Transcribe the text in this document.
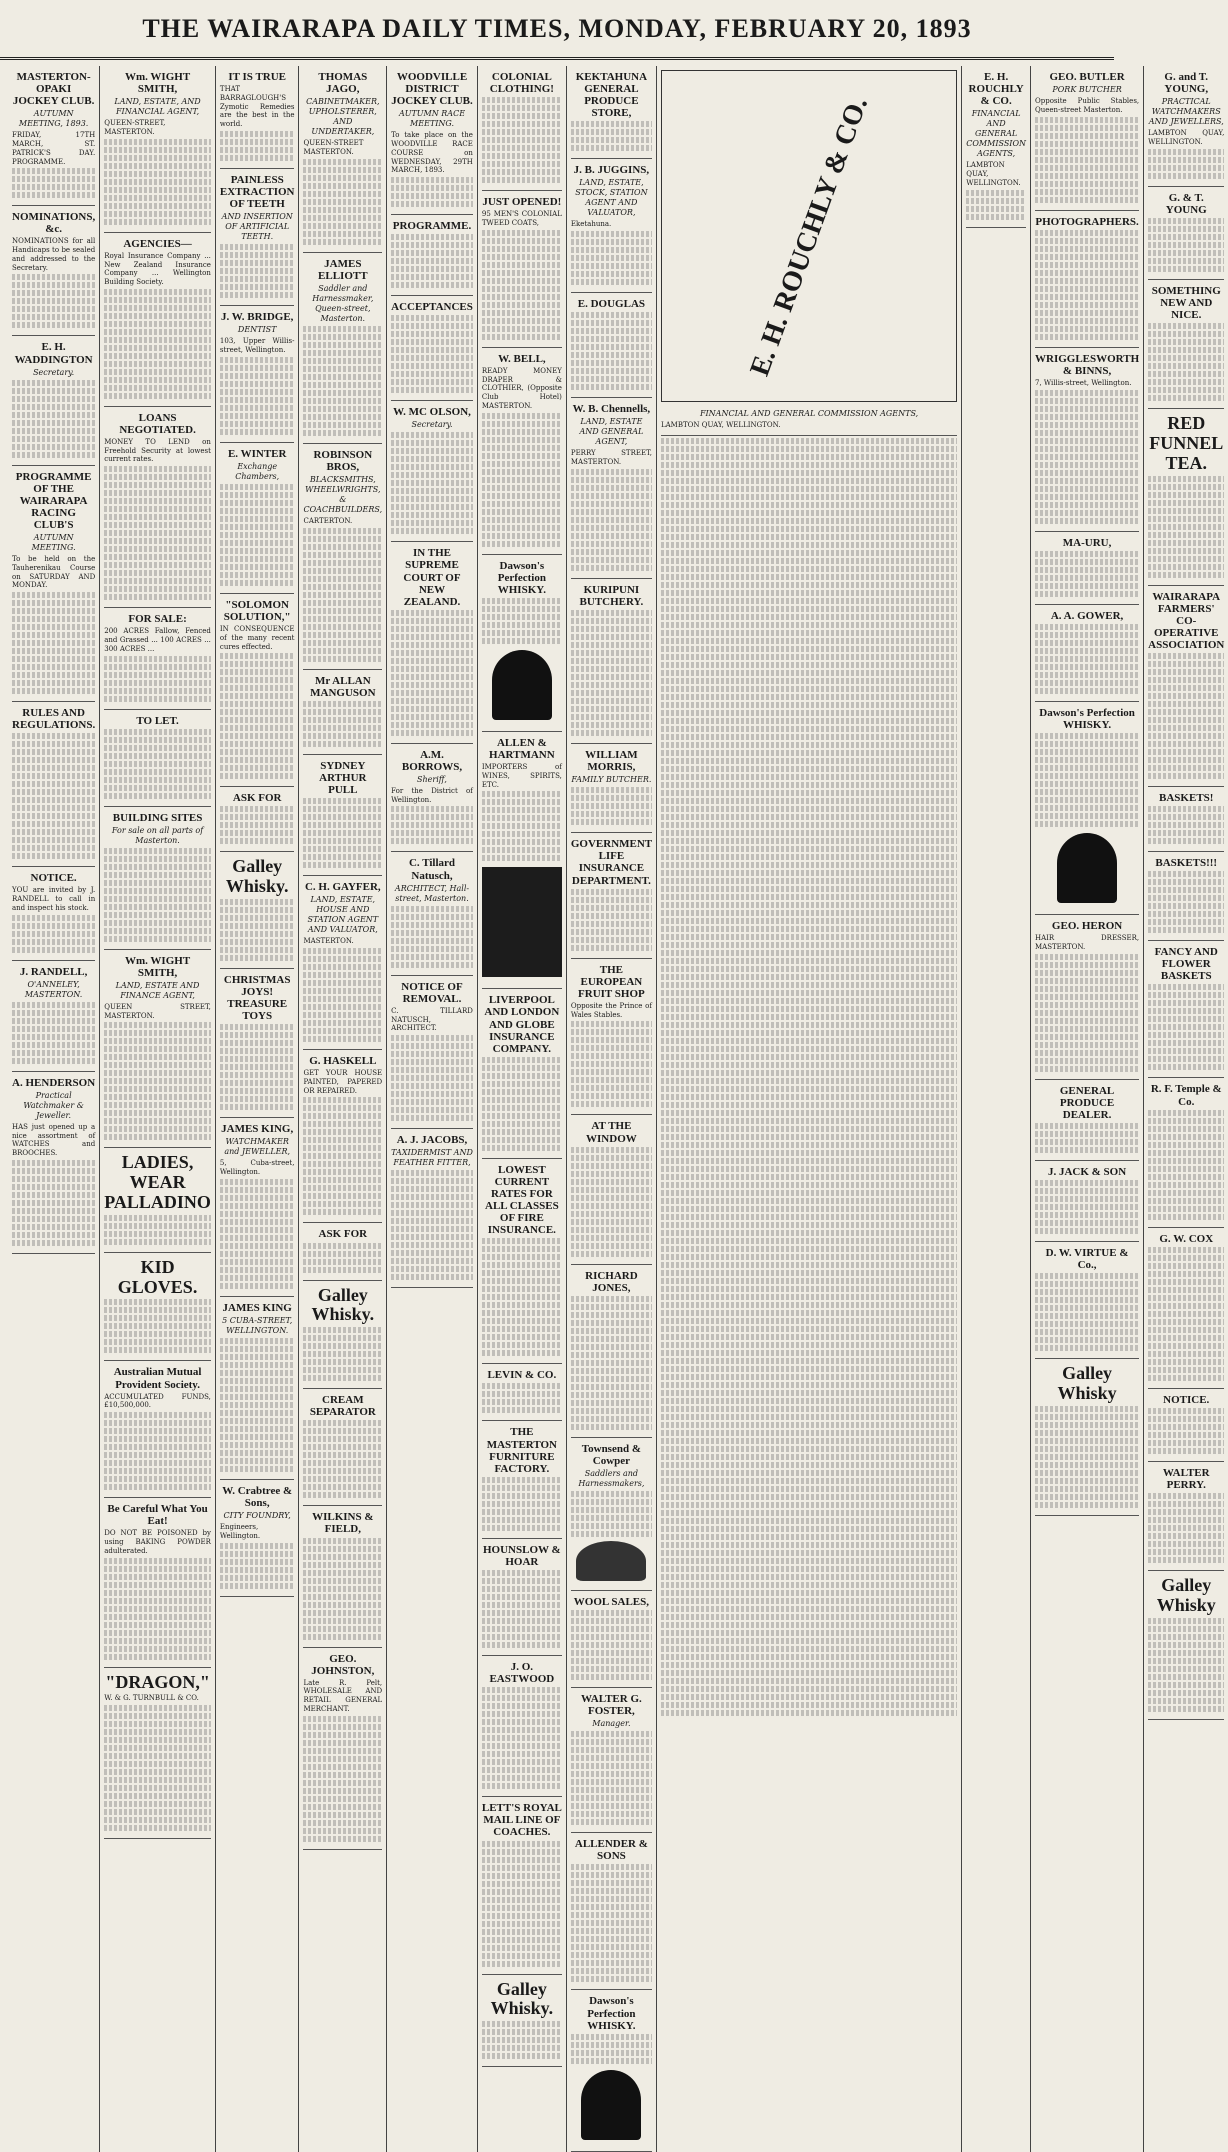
THE WAIRARAPA DAILY TIMES, MONDAY, FEBRUARY 20, 1893
MASTERTON-OPAKI JOCKEY CLUB.
AUTUMN MEETING, 1893.
FRIDAY, 17TH MARCH, ST. PATRICK'S DAY. PROGRAMME.
NOMINATIONS, &c.
NOMINATIONS for all Handicaps to be sealed and addressed to the Secretary.
E. H. WADDINGTON
Secretary.
PROGRAMME OF THE WAIRARAPA RACING CLUB'S
AUTUMN MEETING.
To be held on the Tauherenikau Course on SATURDAY AND MONDAY.
RULES AND REGULATIONS.
NOTICE.
YOU are invited by J. RANDELL to call in and inspect his stock.
J. RANDELL,
O'ANNELEY, MASTERTON.
A. HENDERSON
Practical Watchmaker & Jeweller.
HAS just opened up a nice assortment of WATCHES and BROOCHES.
Wm. WIGHT SMITH,
LAND, ESTATE, AND FINANCIAL AGENT,
QUEEN-STREET, MASTERTON.
AGENCIES—
Royal Insurance Company ... New Zealand Insurance Company ... Wellington Building Society.
LOANS NEGOTIATED.
MONEY TO LEND on Freehold Security at lowest current rates.
FOR SALE:
200 ACRES Fallow, Fenced and Grassed ... 100 ACRES ... 300 ACRES ...
TO LET.
BUILDING SITES
For sale on all parts of Masterton.
Wm. WIGHT SMITH,
LAND, ESTATE AND FINANCE AGENT,
QUEEN STREET, MASTERTON.
LADIES, WEAR PALLADINO
KID GLOVES.
Australian Mutual Provident Society.
ACCUMULATED FUNDS, £10,500,000.
Be Careful What You Eat!
DO NOT BE POISONED by using BAKING POWDER adulterated.
"DRAGON,"
W. & G. TURNBULL & CO.
IT IS TRUE
THAT BARRAGLOUGH'S Zymotic Remedies are the best in the world.
PAINLESS EXTRACTION OF TEETH
AND INSERTION OF ARTIFICIAL TEETH.
J. W. BRIDGE,
DENTIST
103, Upper Willis-street, Wellington.
E. WINTER
Exchange Chambers,
"SOLOMON SOLUTION,"
IN CONSEQUENCE of the many recent cures effected.
ASK FOR
Galley Whisky.
CHRISTMAS JOYS! TREASURE TOYS
JAMES KING,
WATCHMAKER and JEWELLER,
5, Cuba-street, Wellington.
JAMES KING
5 CUBA-STREET, WELLINGTON.
W. Crabtree & Sons,
CITY FOUNDRY,
Engineers, Wellington.
THOMAS JAGO,
CABINETMAKER, UPHOLSTERER, AND UNDERTAKER,
QUEEN-STREET MASTERTON.
JAMES ELLIOTT
Saddler and Harnessmaker, Queen-street, Masterton.
ROBINSON BROS,
BLACKSMITHS, WHEELWRIGHTS, & COACHBUILDERS,
CARTERTON.
Mr ALLAN MANGUSON
SYDNEY ARTHUR PULL
C. H. GAYFER,
LAND, ESTATE, HOUSE AND STATION AGENT AND VALUATOR,
MASTERTON.
G. HASKELL
GET YOUR HOUSE PAINTED, PAPERED OR REPAIRED.
ASK FOR
Galley Whisky.
CREAM SEPARATOR
WILKINS & FIELD,
GEO. JOHNSTON,
Late R. Pelt, WHOLESALE AND RETAIL GENERAL MERCHANT.
WOODVILLE DISTRICT JOCKEY CLUB.
AUTUMN RACE MEETING.
To take place on the WOODVILLE RACE COURSE on WEDNESDAY, 29TH MARCH, 1893.
PROGRAMME.
ACCEPTANCES
W. MC OLSON,
Secretary.
IN THE SUPREME COURT OF NEW ZEALAND.
A.M. BORROWS,
Sheriff,
For the District of Wellington.
C. Tillard Natusch,
ARCHITECT, Hall-street, Masterton.
NOTICE OF REMOVAL.
C. TILLARD NATUSCH, ARCHITECT.
A. J. JACOBS,
TAXIDERMIST AND FEATHER FITTER,
COLONIAL CLOTHING!
JUST OPENED!
95 MEN'S COLONIAL TWEED COATS,
W. BELL,
READY MONEY DRAPER & CLOTHIER, (Opposite Club Hotel) MASTERTON.
Dawson's Perfection WHISKY.
ALLEN & HARTMANN
IMPORTERS of WINES, SPIRITS, ETC.
LIVERPOOL AND LONDON AND GLOBE INSURANCE COMPANY.
LOWEST CURRENT RATES FOR ALL CLASSES OF FIRE INSURANCE.
LEVIN & CO.
THE MASTERTON FURNITURE FACTORY.
HOUNSLOW & HOAR
J. O. EASTWOOD
LETT'S ROYAL MAIL LINE OF COACHES.
Galley Whisky.
KEKTAHUNA GENERAL PRODUCE STORE,
J. B. JUGGINS,
LAND, ESTATE, STOCK, STATION AGENT AND VALUATOR,
Eketahuna.
E. DOUGLAS
W. B. Chennells,
LAND, ESTATE AND GENERAL AGENT,
PERRY STREET, MASTERTON.
KURIPUNI BUTCHERY.
WILLIAM MORRIS,
FAMILY BUTCHER.
GOVERNMENT LIFE INSURANCE DEPARTMENT.
THE EUROPEAN FRUIT SHOP
Opposite the Prince of Wales Stables.
AT THE WINDOW
RICHARD JONES,
Townsend & Cowper
Saddlers and Harnessmakers,
WOOL SALES,
WALTER G. FOSTER,
Manager.
ALLENDER & SONS
Dawson's Perfection WHISKY.
E. H. ROUCHLY & CO.
FINANCIAL AND GENERAL COMMISSION AGENTS,
LAMBTON QUAY, WELLINGTON.
E. H. ROUCHLY & CO.
FINANCIAL AND GENERAL COMMISSION AGENTS,
LAMBTON QUAY, WELLINGTON.
GEO. BUTLER
PORK BUTCHER
Opposite Public Stables, Queen-street Masterton.
PHOTOGRAPHERS.
WRIGGLESWORTH & BINNS,
7, Willis-street, Wellington.
MA-URU,
A. A. GOWER,
Dawson's Perfection WHISKY.
GEO. HERON
HAIR DRESSER, MASTERTON.
GENERAL PRODUCE DEALER.
J. JACK & SON
D. W. VIRTUE & Co.,
Galley Whisky
G. and T. YOUNG,
PRACTICAL WATCHMAKERS AND JEWELLERS,
LAMBTON QUAY, WELLINGTON.
G. & T. YOUNG
SOMETHING NEW AND NICE.
RED FUNNEL TEA.
WAIRARAPA FARMERS' CO-OPERATIVE ASSOCIATION
BASKETS!
BASKETS!!!
FANCY AND FLOWER BASKETS
R. F. Temple & Co.
G. W. COX
NOTICE.
WALTER PERRY.
Galley Whisky
